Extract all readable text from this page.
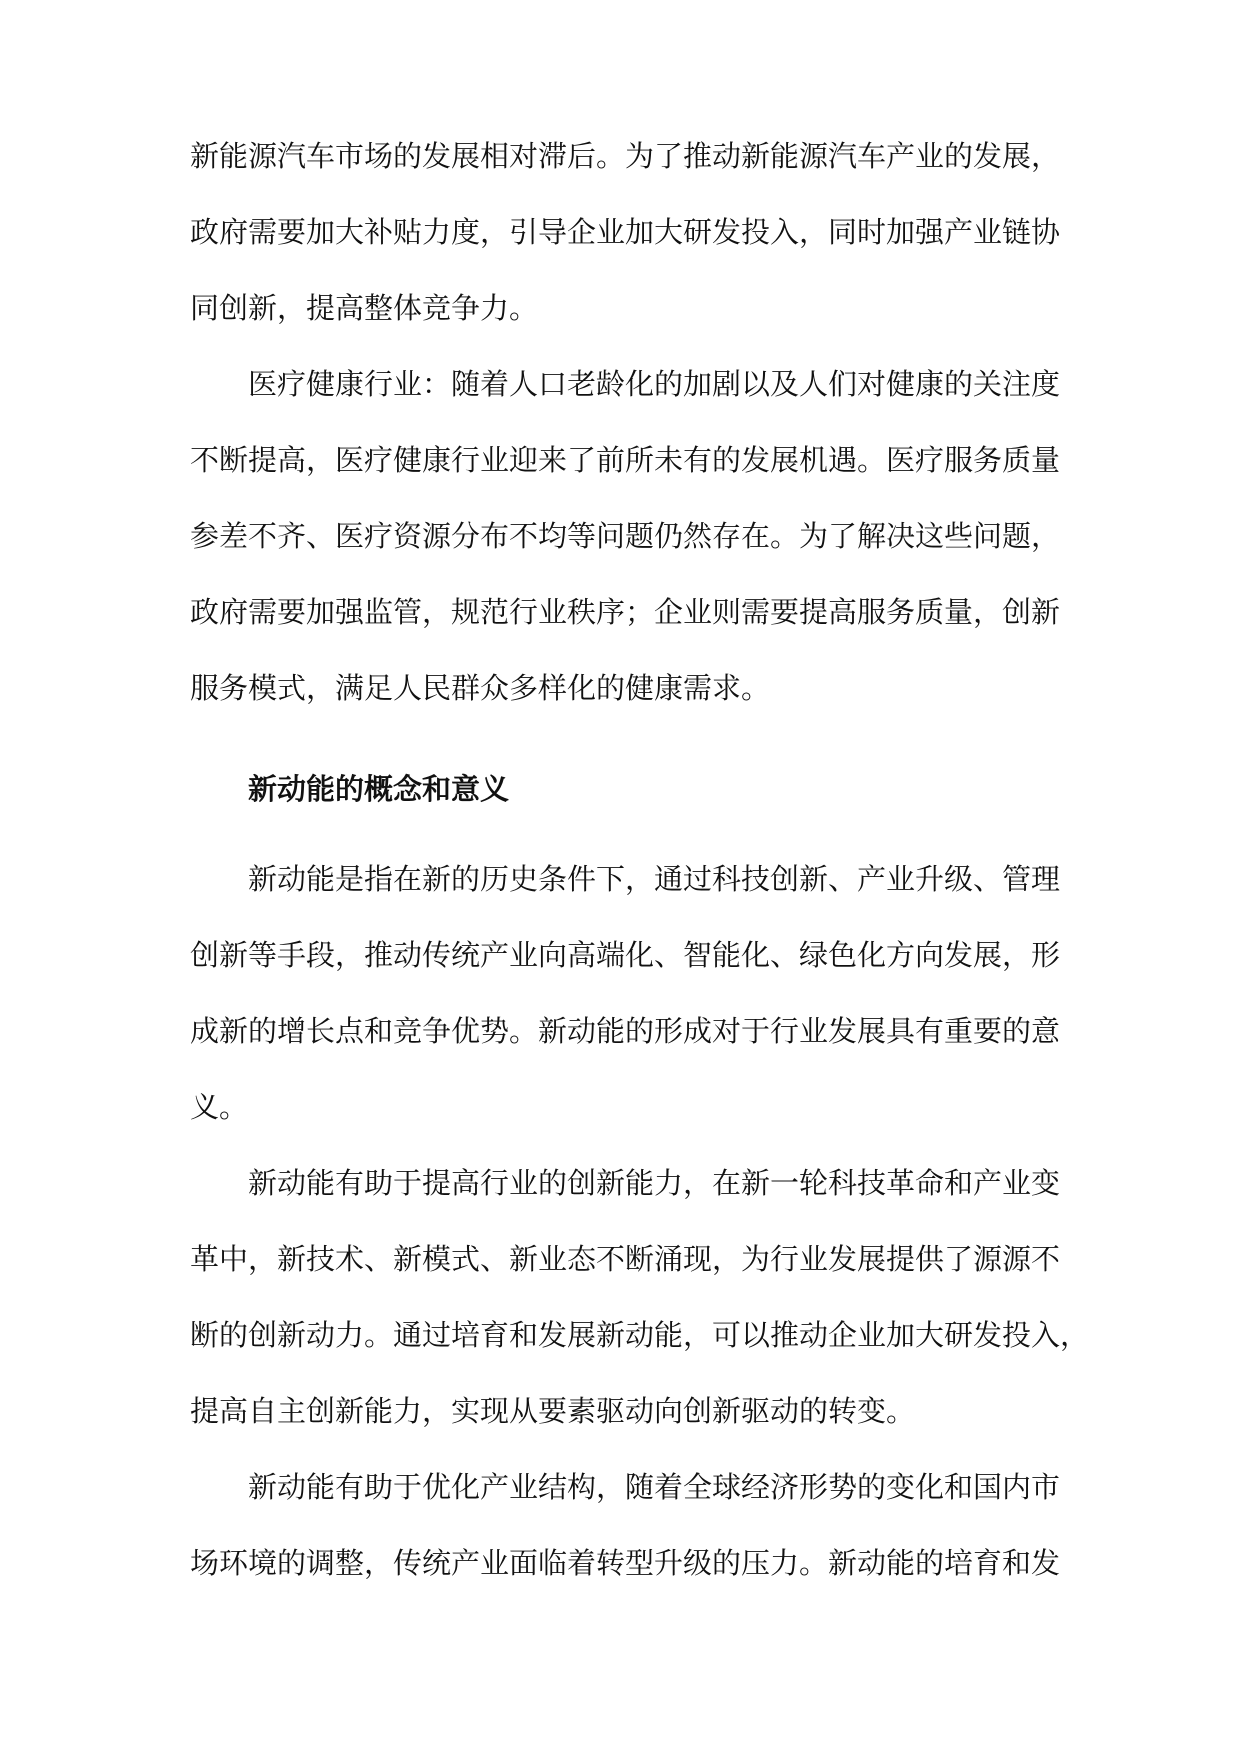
新能源汽车市场的发展相对滞后。为了推动新能源汽车产业的发展，
政府需要加大补贴力度，引导企业加大研发投入，同时加强产业链协
同创新，提高整体竞争力。
医疗健康行业：随着人口老龄化的加剧以及人们对健康的关注度
不断提高，医疗健康行业迎来了前所未有的发展机遇。医疗服务质量
参差不齐、医疗资源分布不均等问题仍然存在。为了解决这些问题，
政府需要加强监管，规范行业秩序；企业则需要提高服务质量，创新
服务模式，满足人民群众多样化的健康需求。
新动能的概念和意义
新动能是指在新的历史条件下，通过科技创新、产业升级、管理
创新等手段，推动传统产业向高端化、智能化、绿色化方向发展，形
成新的增长点和竞争优势。新动能的形成对于行业发展具有重要的意
义。
新动能有助于提高行业的创新能力，在新一轮科技革命和产业变
革中，新技术、新模式、新业态不断涌现，为行业发展提供了源源不
断的创新动力。通过培育和发展新动能，可以推动企业加大研发投入，
提高自主创新能力，实现从要素驱动向创新驱动的转变。
新动能有助于优化产业结构，随着全球经济形势的变化和国内市
场环境的调整，传统产业面临着转型升级的压力。新动能的培育和发
